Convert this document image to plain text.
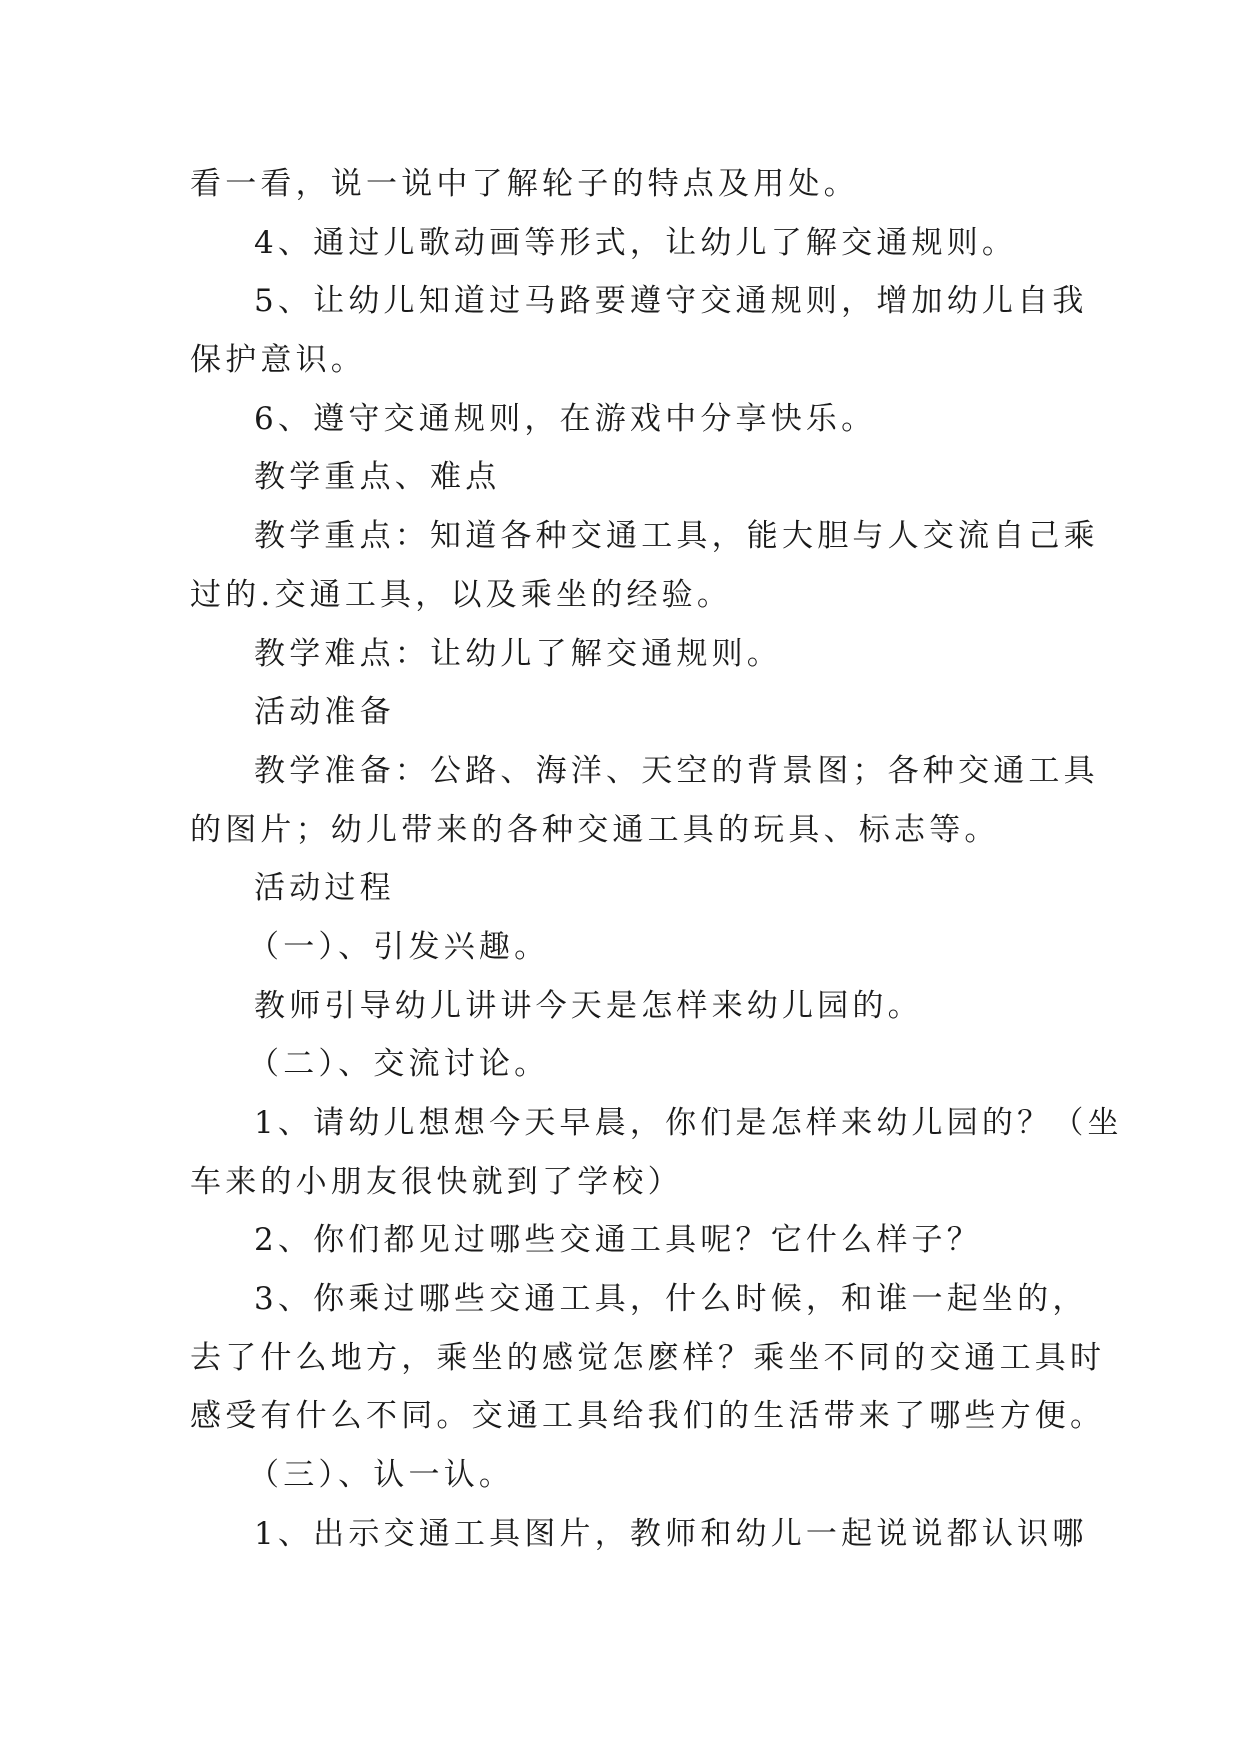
看一看，说一说中了解轮子的特点及用处。
4、通过儿歌动画等形式，让幼儿了解交通规则。
5、让幼儿知道过马路要遵守交通规则，增加幼儿自我
保护意识。
6、遵守交通规则，在游戏中分享快乐。
教学重点、难点
教学重点：知道各种交通工具，能大胆与人交流自己乘
过的.交通工具，以及乘坐的经验。
教学难点：让幼儿了解交通规则。
活动准备
教学准备：公路、海洋、天空的背景图；各种交通工具
的图片；幼儿带来的各种交通工具的玩具、标志等。
活动过程
（一）、引发兴趣。
教师引导幼儿讲讲今天是怎样来幼儿园的。
（二）、交流讨论。
1、请幼儿想想今天早晨，你们是怎样来幼儿园的？（坐
车来的小朋友很快就到了学校）
2、你们都见过哪些交通工具呢？它什么样子？
3、你乘过哪些交通工具，什么时候，和谁一起坐的，
去了什么地方，乘坐的感觉怎麽样？乘坐不同的交通工具时
感受有什么不同。交通工具给我们的生活带来了哪些方便。
（三）、认一认。
1、出示交通工具图片，教师和幼儿一起说说都认识哪
